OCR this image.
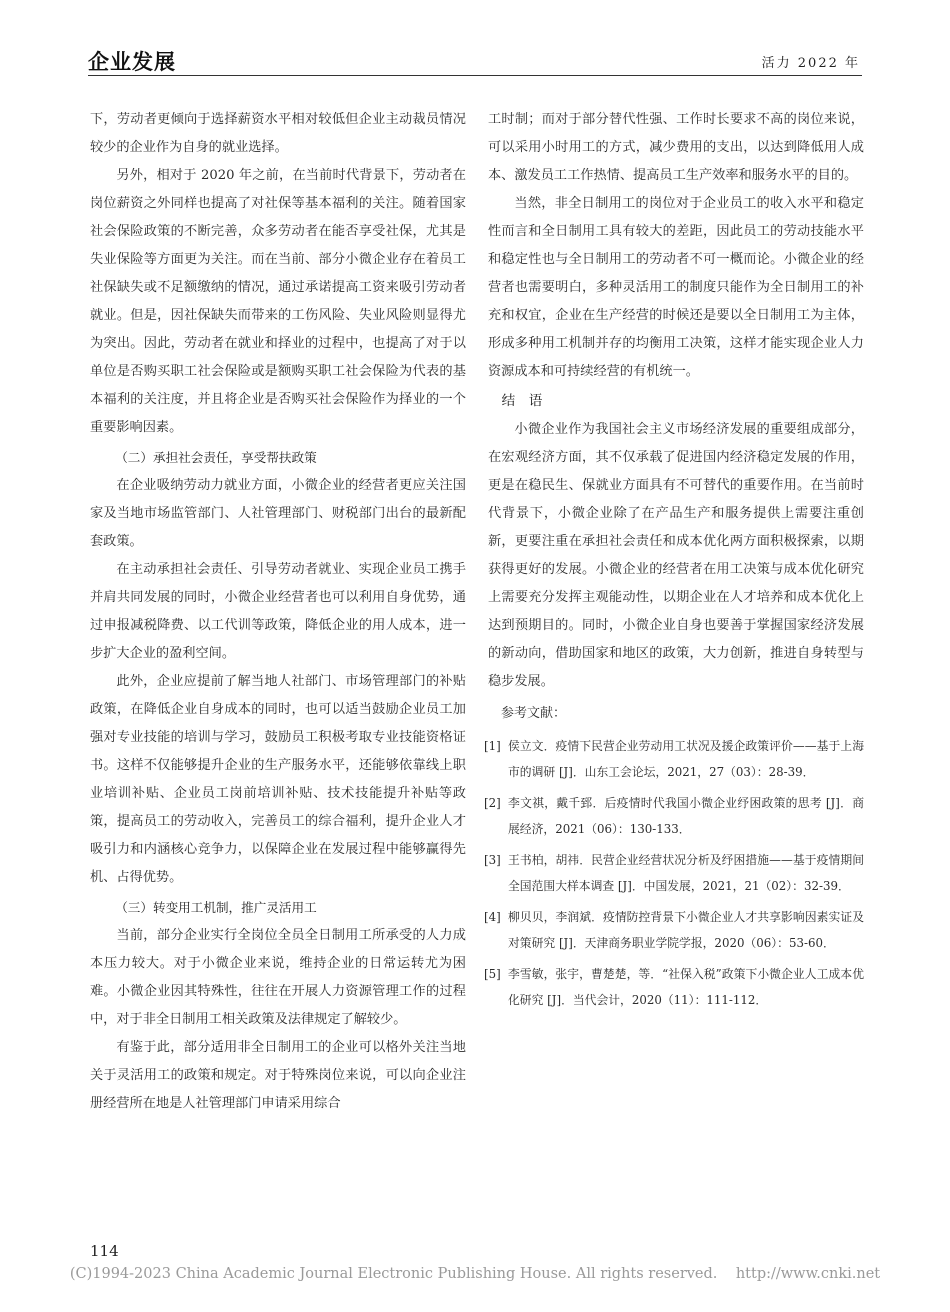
企业发展	活力 2022 年

下，劳动者更倾向于选择薪资水平相对较低但企业主动裁员情况较少的企业作为自身的就业选择。

另外，相对于 2020 年之前，在当前时代背景下，劳动者在岗位薪资之外同样也提高了对社保等基本福利的关注。随着国家社会保险政策的不断完善，众多劳动者在能否享受社保，尤其是失业保险等方面更为关注。而在当前、部分小微企业存在着员工社保缺失或不足额缴纳的情况，通过承诺提高工资来吸引劳动者就业。但是，因社保缺失而带来的工伤风险、失业风险则显得尤为突出。因此，劳动者在就业和择业的过程中，也提高了对于以单位是否购买职工社会保险或是额购买职工社会保险为代表的基本福利的关注度，并且将企业是否购买社会保险作为择业的一个重要影响因素。

（二）承担社会责任，享受帮扶政策

在企业吸纳劳动力就业方面，小微企业的经营者更应关注国家及当地市场监管部门、人社管理部门、财税部门出台的最新配套政策。

在主动承担社会责任、引导劳动者就业、实现企业员工携手并肩共同发展的同时，小微企业经营者也可以利用自身优势，通过申报减税降费、以工代训等政策，降低企业的用人成本，进一步扩大企业的盈利空间。

此外，企业应提前了解当地人社部门、市场管理部门的补贴政策，在降低企业自身成本的同时，也可以适当鼓励企业员工加强对专业技能的培训与学习，鼓励员工积极考取专业技能资格证书。这样不仅能够提升企业的生产服务水平，还能够依靠线上职业培训补贴、企业员工岗前培训补贴、技术技能提升补贴等政策，提高员工的劳动收入，完善员工的综合福利，提升企业人才吸引力和内涵核心竞争力，以保障企业在发展过程中能够赢得先机、占得优势。

（三）转变用工机制，推广灵活用工

当前，部分企业实行全岗位全员全日制用工所承受的人力成本压力较大。对于小微企业来说，维持企业的日常运转尤为困难。小微企业因其特殊性，往往在开展人力资源管理工作的过程中，对于非全日制用工相关政策及法律规定了解较少。

有鉴于此，部分适用非全日制用工的企业可以格外关注当地关于灵活用工的政策和规定。对于特殊岗位来说，可以向企业注册经营所在地是人社管理部门申请采用综合

工时制；而对于部分替代性强、工作时长要求不高的岗位来说，可以采用小时用工的方式，减少费用的支出，以达到降低用人成本、激发员工工作热情、提高员工生产效率和服务水平的目的。

当然，非全日制用工的岗位对于企业员工的收入水平和稳定性而言和全日制用工具有较大的差距，因此员工的劳动技能水平和稳定性也与全日制用工的劳动者不可一概而论。小微企业的经营者也需要明白，多种灵活用工的制度只能作为全日制用工的补充和权宜，企业在生产经营的时候还是要以全日制用工为主体，形成多种用工机制并存的均衡用工决策，这样才能实现企业人力资源成本和可持续经营的有机统一。

结　语

小微企业作为我国社会主义市场经济发展的重要组成部分，在宏观经济方面，其不仅承载了促进国内经济稳定发展的作用，更是在稳民生、保就业方面具有不可替代的重要作用。在当前时代背景下，小微企业除了在产品生产和服务提供上需要注重创新，更要注重在承担社会责任和成本优化两方面积极探索，以期获得更好的发展。小微企业的经营者在用工决策与成本优化研究上需要充分发挥主观能动性，以期企业在人才培养和成本优化上达到预期目的。同时，小微企业自身也要善于掌握国家经济发展的新动向，借助国家和地区的政策，大力创新，推进自身转型与稳步发展。

参考文献：
[1] 侯立文．疫情下民营企业劳动用工状况及援企政策评价——基于上海市的调研 [J]．山东工会论坛，2021，27（03）：28-39．
[2] 李文祺，戴千郅．后疫情时代我国小微企业纾困政策的思考 [J]．商展经济，2021（06）：130-133．
[3] 王书柏，胡祎．民营企业经营状况分析及纾困措施——基于疫情期间全国范围大样本调查 [J]．中国发展，2021，21（02）：32-39．
[4] 柳贝贝，李润斌．疫情防控背景下小微企业人才共享影响因素实证及对策研究 [J]．天津商务职业学院学报，2020（06）：53-60．
[5] 李雪敏，张宇，曹楚楚，等．“社保入税”政策下小微企业人工成本优化研究 [J]．当代会计，2020（11）：111-112．
114
(C)1994-2023 China Academic Journal Electronic Publishing House. All rights reserved.    http://www.cnki.net
